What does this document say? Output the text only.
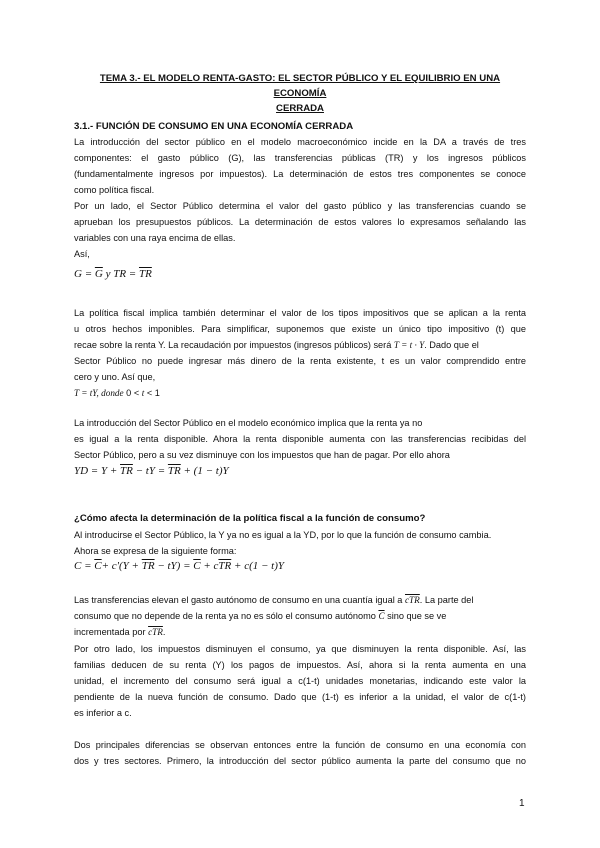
TEMA 3.- EL MODELO RENTA-GASTO: EL SECTOR PÚBLICO Y EL EQUILIBRIO EN UNA ECONOMÍA
CERRADA
3.1.- FUNCIÓN DE CONSUMO EN UNA ECONOMÍA CERRADA
La introducción del sector público en el modelo macroeconómico incide en la DA a través de tres
componentes: el gasto público (G), las transferencias públicas (TR) y los ingresos públicos
(fundamentalmente ingresos por impuestos). La determinación de estos tres componentes se conoce
como política fiscal.
Por un lado, el Sector Público determina el valor del gasto público y las transferencias cuando se
aprueban los presupuestos públicos. La determinación de estos valores lo expresamos señalando las
variables con una raya encima de ellas.
Así,
$G = \overline{G}$ y TR = $\overline{TR}$
La política fiscal implica también determinar el valor de los tipos impositivos que se aplican a la renta
u otros hechos imponibles. Para simplificar, suponemos que existe un único tipo impositivo (t) que
recae sobre la renta Y. La recaudación por impuestos (ingresos públicos) será T = t · Y. Dado que el
Sector Público no puede ingresar más dinero de la renta existente, t es un valor comprendido entre
cero y uno. Así que,
T = tY, donde 0 < t < 1
La introducción del Sector Público en el modelo económico implica que la renta ya no
es igual a la renta disponible. Ahora la renta disponible aumenta con las transferencias recibidas del
Sector Público, pero a su vez disminuye con los impuestos que han de pagar. Por ello ahora
YD = $Y + \overline{TR}$ − tY = $\overline{TR} + (1 - t)Y$
¿Cómo afecta la determinación de la política fiscal a la función de consumo?
Al introducirse el Sector Público, la Y ya no es igual a la YD, por lo que la función de consumo cambia.
Ahora se expresa de la siguiente forma:
$C = \overline{C}+ c'(Y + \overline{TR} - tY) = \overline{C} + c\overline{TR} + c(1 - t)Y$
Las transferencias elevan el gasto autónomo de consumo en una cuantía igual a $\overline{cTR}$. La parte del
consumo que no depende de la renta ya no es sólo el consumo autónomo $\overline{C}$ sino que se ve
incrementada por $\overline{cTR}$.
Por otro lado, los impuestos disminuyen el consumo, ya que disminuyen la renta disponible. Así, las
familias deducen de su renta (Y) los pagos de impuestos. Así, ahora si la renta aumenta en una
unidad, el incremento del consumo será igual a c(1-t) unidades monetarias, indicando este valor la
pendiente de la nueva función de consumo. Dado que (1-t) es inferior a la unidad, el valor de c(1-t)
es inferior a c.
Dos principales diferencias se observan entonces entre la función de consumo en una economía con
dos y tres sectores. Primero, la introducción del sector público aumenta la parte del consumo que no
1
